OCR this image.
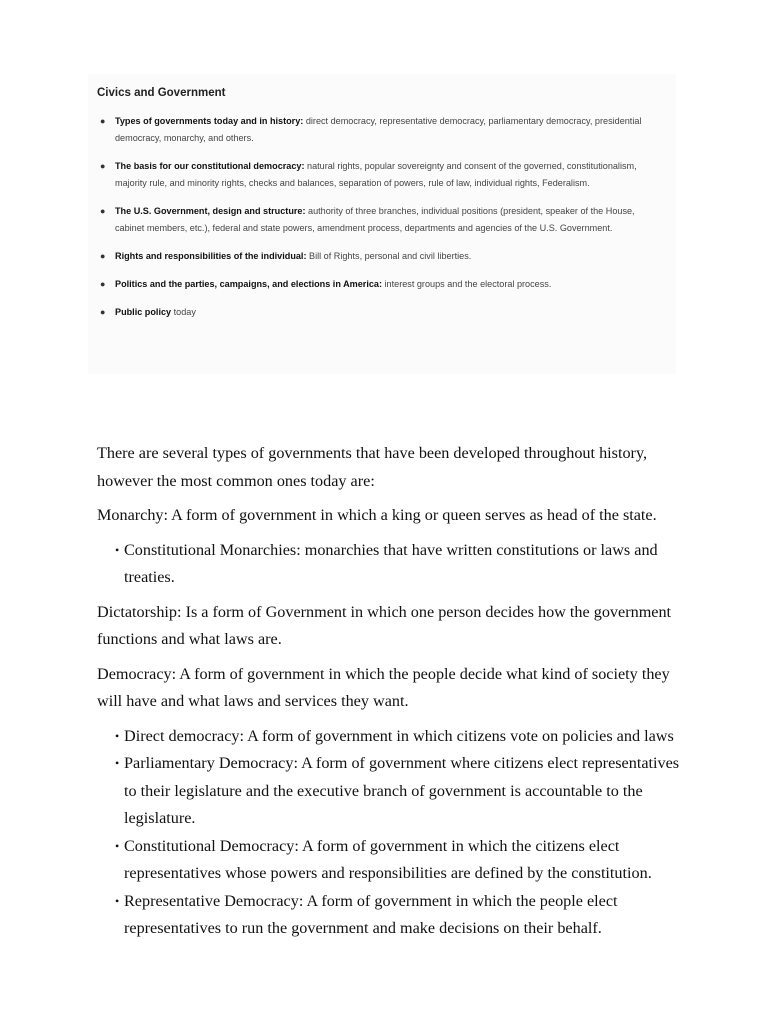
Civics and Government
● Types of governments today and in history: direct democracy, representative democracy, parliamentary democracy, presidential democracy, monarchy, and others.
● The basis for our constitutional democracy: natural rights, popular sovereignty and consent of the governed, constitutionalism, majority rule, and minority rights, checks and balances, separation of powers, rule of law, individual rights, Federalism.
● The U.S. Government, design and structure: authority of three branches, individual positions (president, speaker of the House, cabinet members, etc.), federal and state powers, amendment process, departments and agencies of the U.S. Government.
● Rights and responsibilities of the individual: Bill of Rights, personal and civil liberties.
● Politics and the parties, campaigns, and elections in America: interest groups and the electoral process.
● Public policy today

There are several types of governments that have been developed throughout history, however the most common ones today are:

Monarchy: A form of government in which a king or queen serves as head of the state.

• Constitutional Monarchies: monarchies that have written constitutions or laws and treaties.

Dictatorship: Is a form of Government in which one person decides how the government functions and what laws are.

Democracy: A form of government in which the people decide what kind of society they will have and what laws and services they want.

• Direct democracy: A form of government in which citizens vote on policies and laws
• Parliamentary Democracy: A form of government where citizens elect representatives to their legislature and the executive branch of government is accountable to the legislature.
• Constitutional Democracy: A form of government in which the citizens elect representatives whose powers and responsibilities are defined by the constitution.
• Representative Democracy: A form of government in which the people elect representatives to run the government and make decisions on their behalf.
